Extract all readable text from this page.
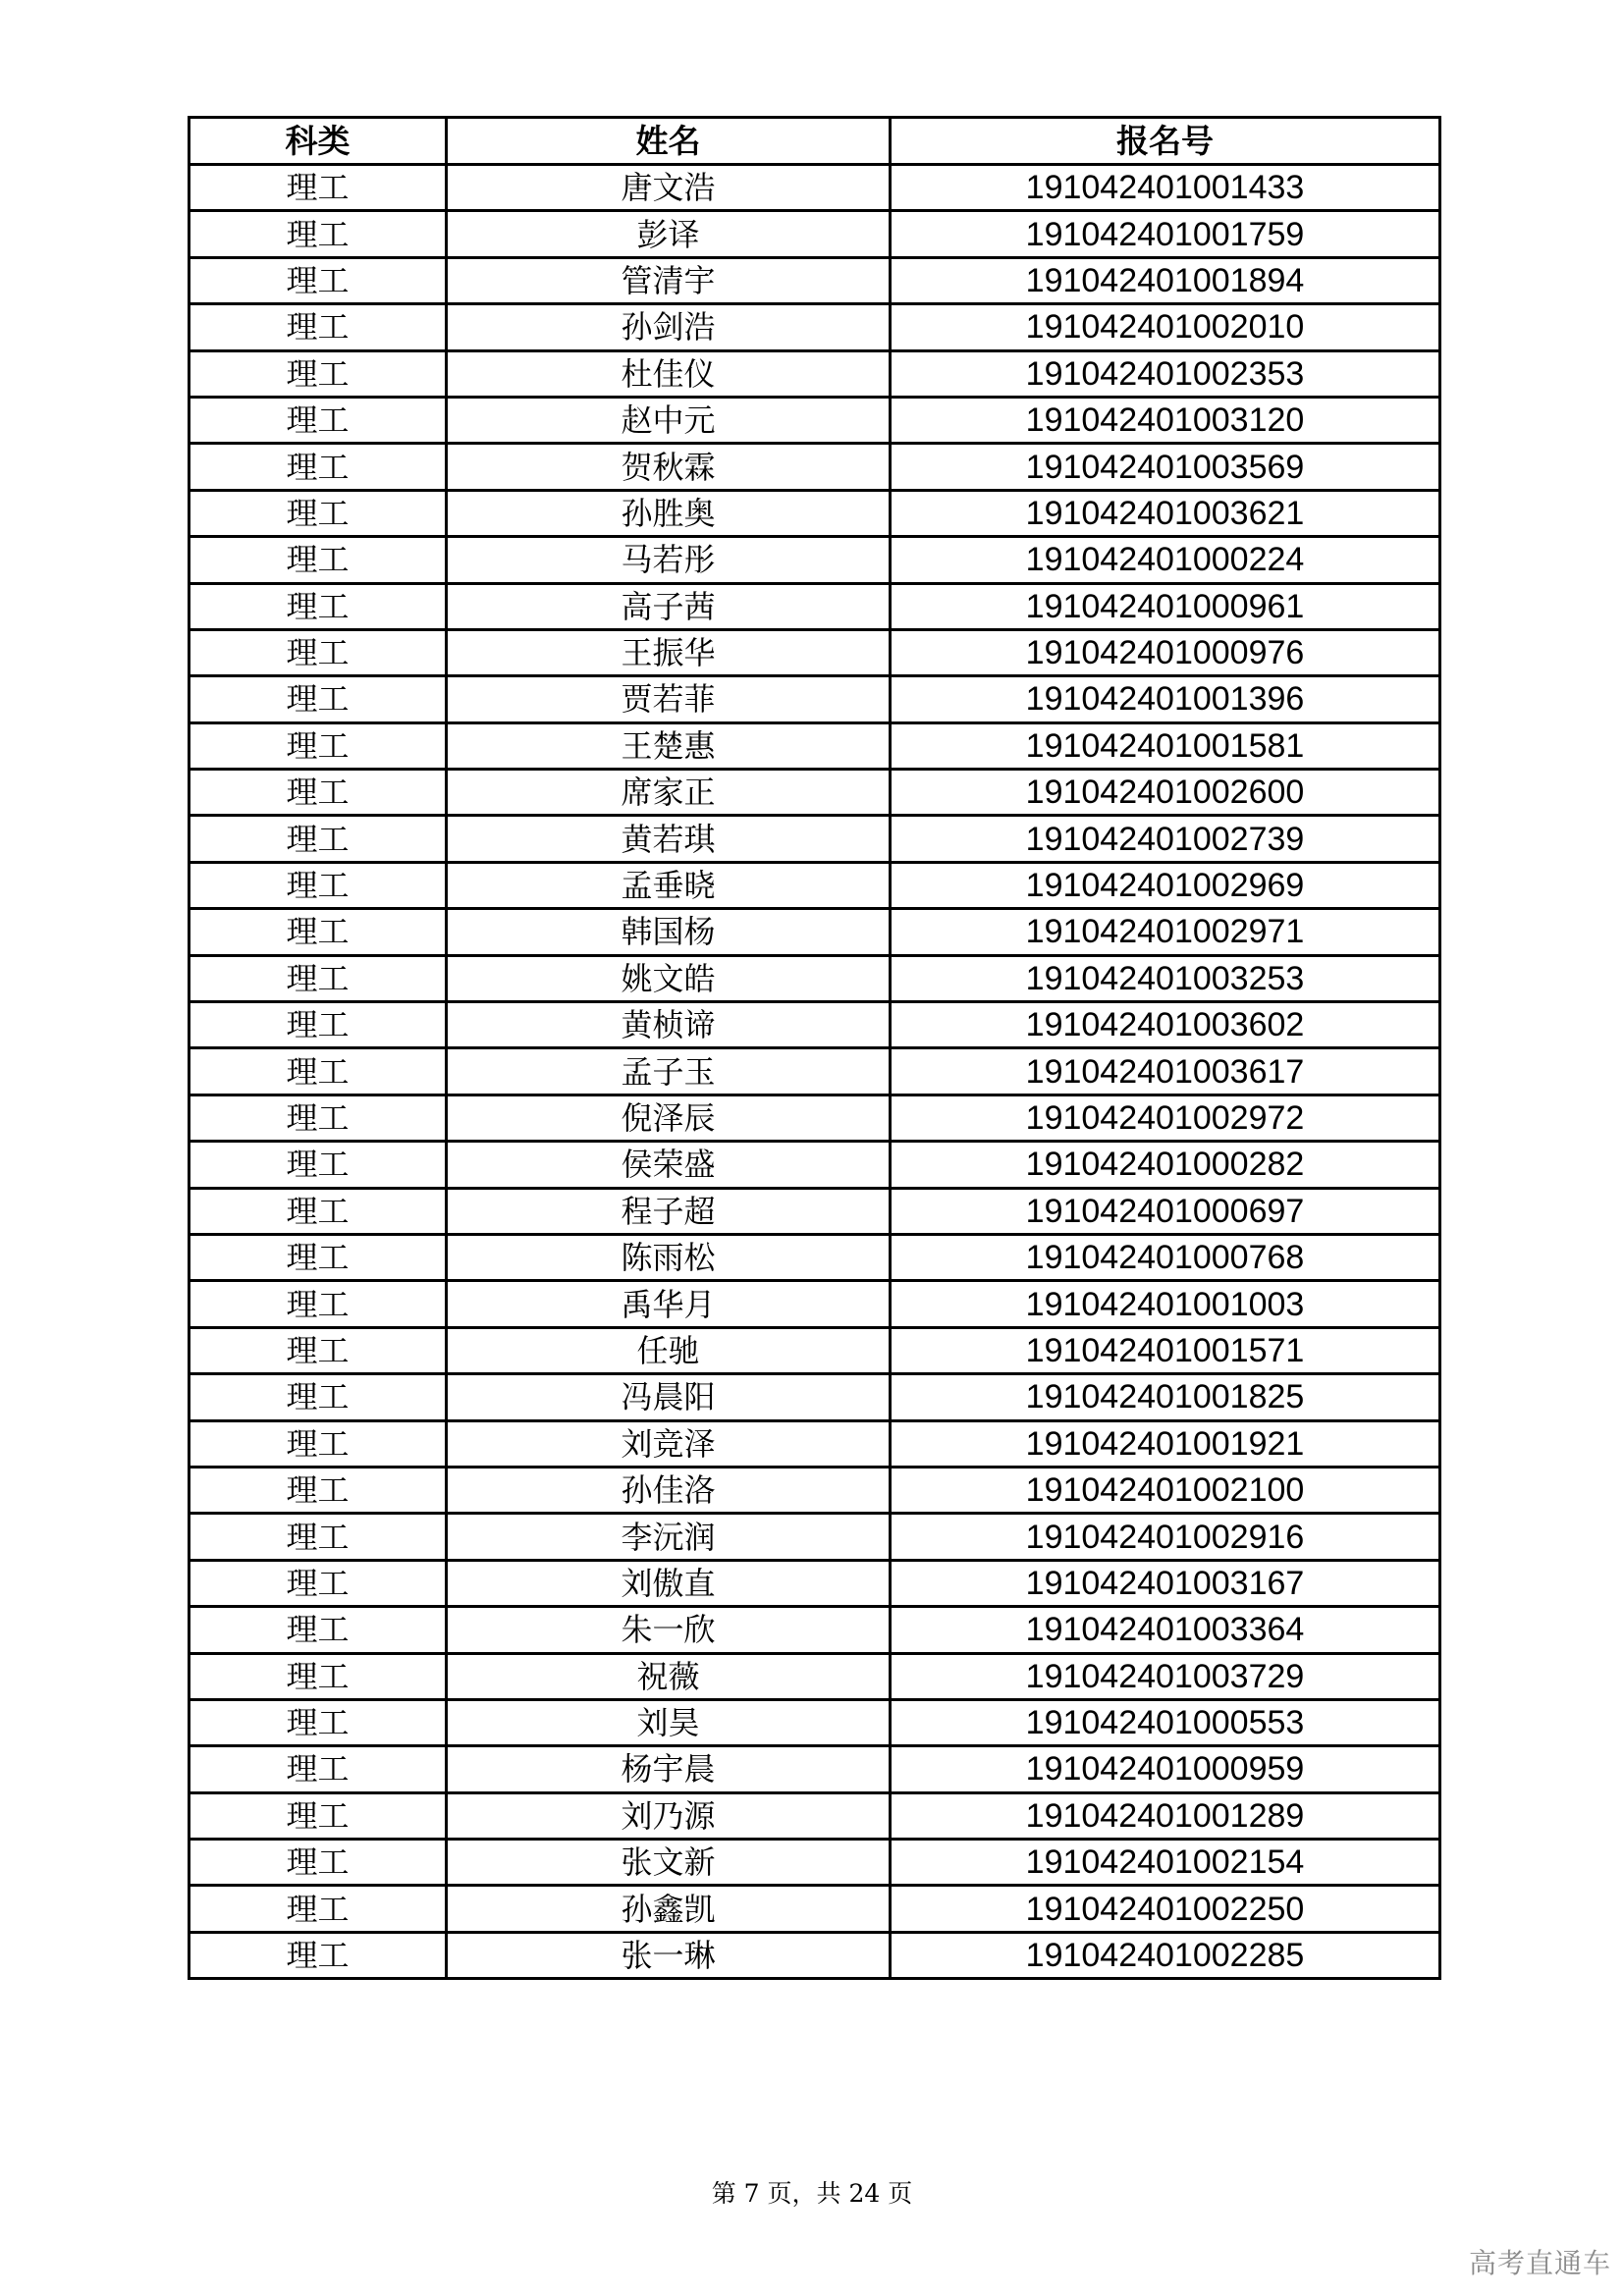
科类	姓名	报名号
理工	唐文浩	191042401001433
理工	彭译	191042401001759
理工	管清宇	191042401001894
理工	孙剑浩	191042401002010
理工	杜佳仪	191042401002353
理工	赵中元	191042401003120
理工	贺秋霖	191042401003569
理工	孙胜奥	191042401003621
理工	马若彤	191042401000224
理工	高子茜	191042401000961
理工	王振华	191042401000976
理工	贾若菲	191042401001396
理工	王楚惠	191042401001581
理工	席家正	191042401002600
理工	黄若琪	191042401002739
理工	孟垂晓	191042401002969
理工	韩国杨	191042401002971
理工	姚文皓	191042401003253
理工	黄桢谛	191042401003602
理工	孟子玉	191042401003617
理工	倪泽辰	191042401002972
理工	侯荣盛	191042401000282
理工	程子超	191042401000697
理工	陈雨松	191042401000768
理工	禹华月	191042401001003
理工	任驰	191042401001571
理工	冯晨阳	191042401001825
理工	刘竞泽	191042401001921
理工	孙佳洛	191042401002100
理工	李沅润	191042401002916
理工	刘傲直	191042401003167
理工	朱一欣	191042401003364
理工	祝薇	191042401003729
理工	刘昊	191042401000553
理工	杨宇晨	191042401000959
理工	刘乃源	191042401001289
理工	张文新	191042401002154
理工	孙鑫凯	191042401002250
理工	张一琳	191042401002285
第 7 页，共 24 页
高考直通车
